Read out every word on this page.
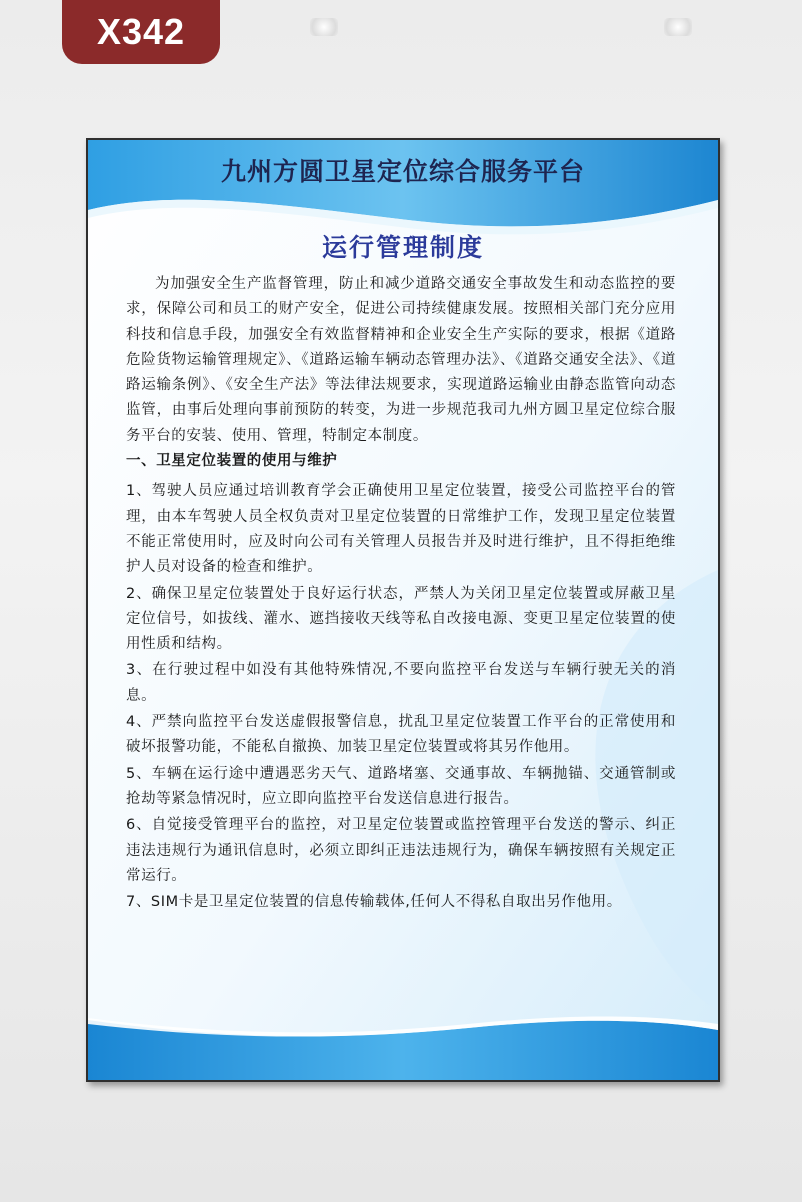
X342
九州方圆卫星定位综合服务平台
运行管理制度

为加强安全生产监督管理，防止和减少道路交通安全事故发生和动态监控的要求，保障公司和员工的财产安全，促进公司持续健康发展。按照相关部门充分应用科技和信息手段，加强安全有效监督精神和企业安全生产实际的要求，根据《道路危险货物运输管理规定》、《道路运输车辆动态管理办法》、《道路交通安全法》、《道路运输条例》、《安全生产法》等法律法规要求，实现道路运输业由静态监管向动态监管，由事后处理向事前预防的转变，为进一步规范我司九州方圆卫星定位综合服务平台的安装、使用、管理，特制定本制度。

一、卫星定位装置的使用与维护

1、驾驶人员应通过培训教育学会正确使用卫星定位装置，接受公司监控平台的管理，由本车驾驶人员全权负责对卫星定位装置的日常维护工作，发现卫星定位装置不能正常使用时，应及时向公司有关管理人员报告并及时进行维护，且不得拒绝维护人员对设备的检查和维护。

2、确保卫星定位装置处于良好运行状态，严禁人为关闭卫星定位装置或屏蔽卫星定位信号，如拔线、灌水、遮挡接收天线等私自改接电源、变更卫星定位装置的使用性质和结构。

3、在行驶过程中如没有其他特殊情况,不要向监控平台发送与车辆行驶无关的消息。

4、严禁向监控平台发送虚假报警信息，扰乱卫星定位装置工作平台的正常使用和破坏报警功能，不能私自撤换、加装卫星定位装置或将其另作他用。

5、车辆在运行途中遭遇恶劣天气、道路堵塞、交通事故、车辆抛锚、交通管制或抢劫等紧急情况时，应立即向监控平台发送信息进行报告。

6、自觉接受管理平台的监控，对卫星定位装置或监控管理平台发送的警示、纠正违法违规行为通讯信息时，必须立即纠正违法违规行为，确保车辆按照有关规定正常运行。

7、SIM卡是卫星定位装置的信息传输载体,任何人不得私自取出另作他用。
